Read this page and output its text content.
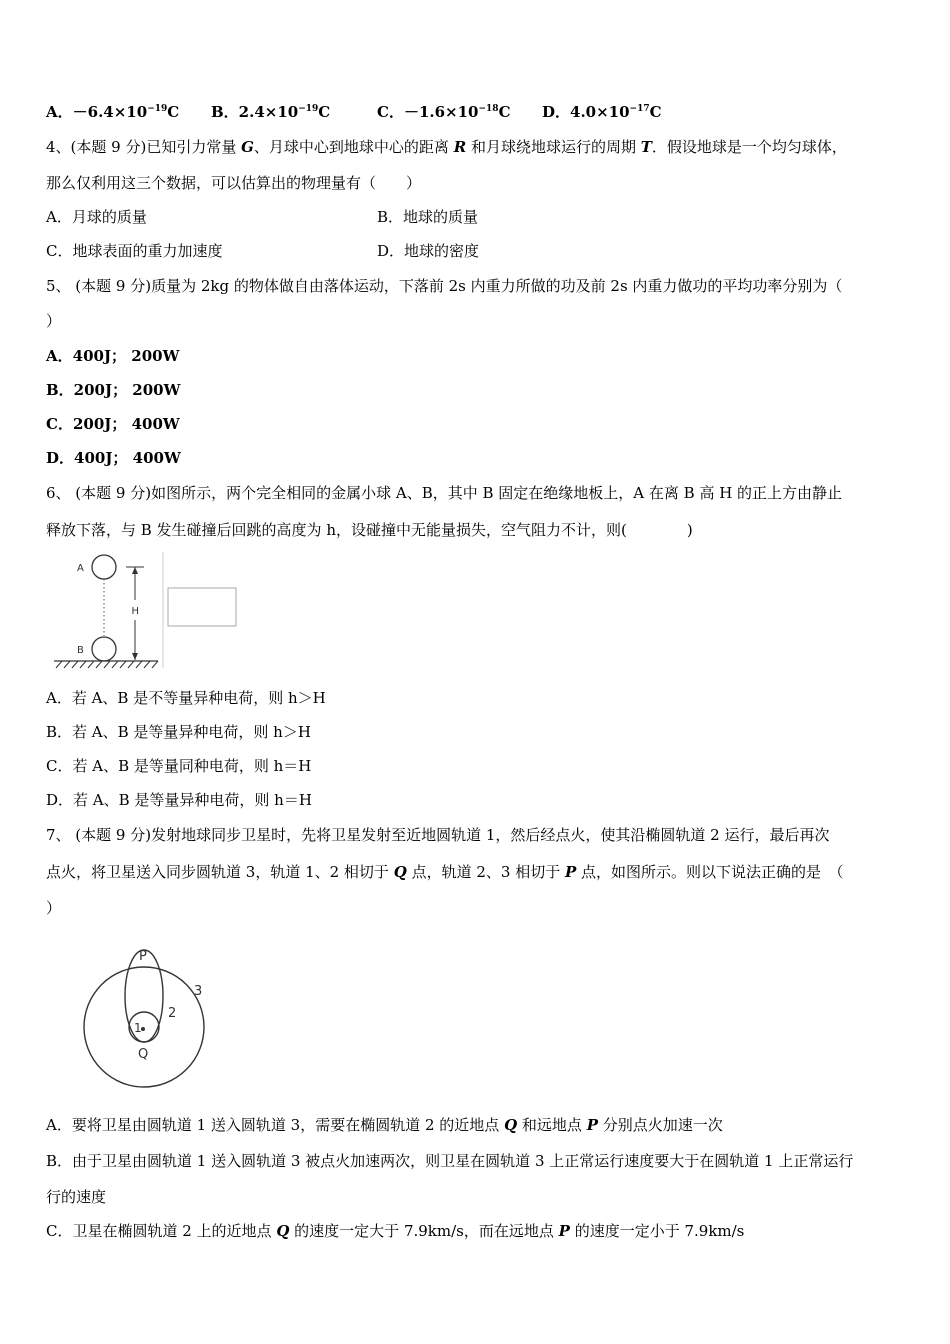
A．$-6.4\times 10^{-19}C$ B．$2.4\times 10^{-19}C$	C．$-1.6\times 10^{-18}C$ D．$4.0\times 10^{-17}C$
4、(本题 9 分)已知引力常量 G、月球中心到地球中心的距离 R 和月球绕地球运行的周期 T．假设地球是一个均匀球体，
那么仅利用这三个数据，可以估算出的物理量有（　　）
A．月球的质量	B．地球的质量
C．地球表面的重力加速度	D．地球的密度
5、 (本题 9 分)质量为 2kg 的物体做自由落体运动，下落前 2s 内重力所做的功及前 2s 内重力做功的平均功率分别为（
）
A．400J； 200W
B．200J； 200W
C．200J； 400W
D．400J； 400W
6、 (本题 9 分)如图所示，两个完全相同的金属小球 A、B，其中 B 固定在绝缘地板上，A 在离 B 高 H 的正上方由静止
释放下落，与 B 发生碰撞后回跳的高度为 h，设碰撞中无能量损失，空气阻力不计，则(　　　　)
A
B
H
A．若 A、B 是不等量异种电荷，则 h＞H
B．若 A、B 是等量异种电荷，则 h＞H
C．若 A、B 是等量同种电荷，则 h＝H
D．若 A、B 是等量异种电荷，则 h＝H
7、 (本题 9 分)发射地球同步卫星时，先将卫星发射至近地圆轨道 1，然后经点火，使其沿椭圆轨道 2 运行，最后再次
点火，将卫星送入同步圆轨道 3，轨道 1、2 相切于 Q 点，轨道 2、3 相切于 P 点，如图所示。则以下说法正确的是　（
）
P
Q
1
2
3
A．要将卫星由圆轨道 1 送入圆轨道 3，需要在椭圆轨道 2 的近地点 Q 和远地点 P 分别点火加速一次
B．由于卫星由圆轨道 1 送入圆轨道 3 被点火加速两次，则卫星在圆轨道 3 上正常运行速度要大于在圆轨道 1 上正常运行
行的速度
C．卫星在椭圆轨道 2 上的近地点 Q 的速度一定大于 7.9km/s，而在远地点 P 的速度一定小于 7.9km/s
